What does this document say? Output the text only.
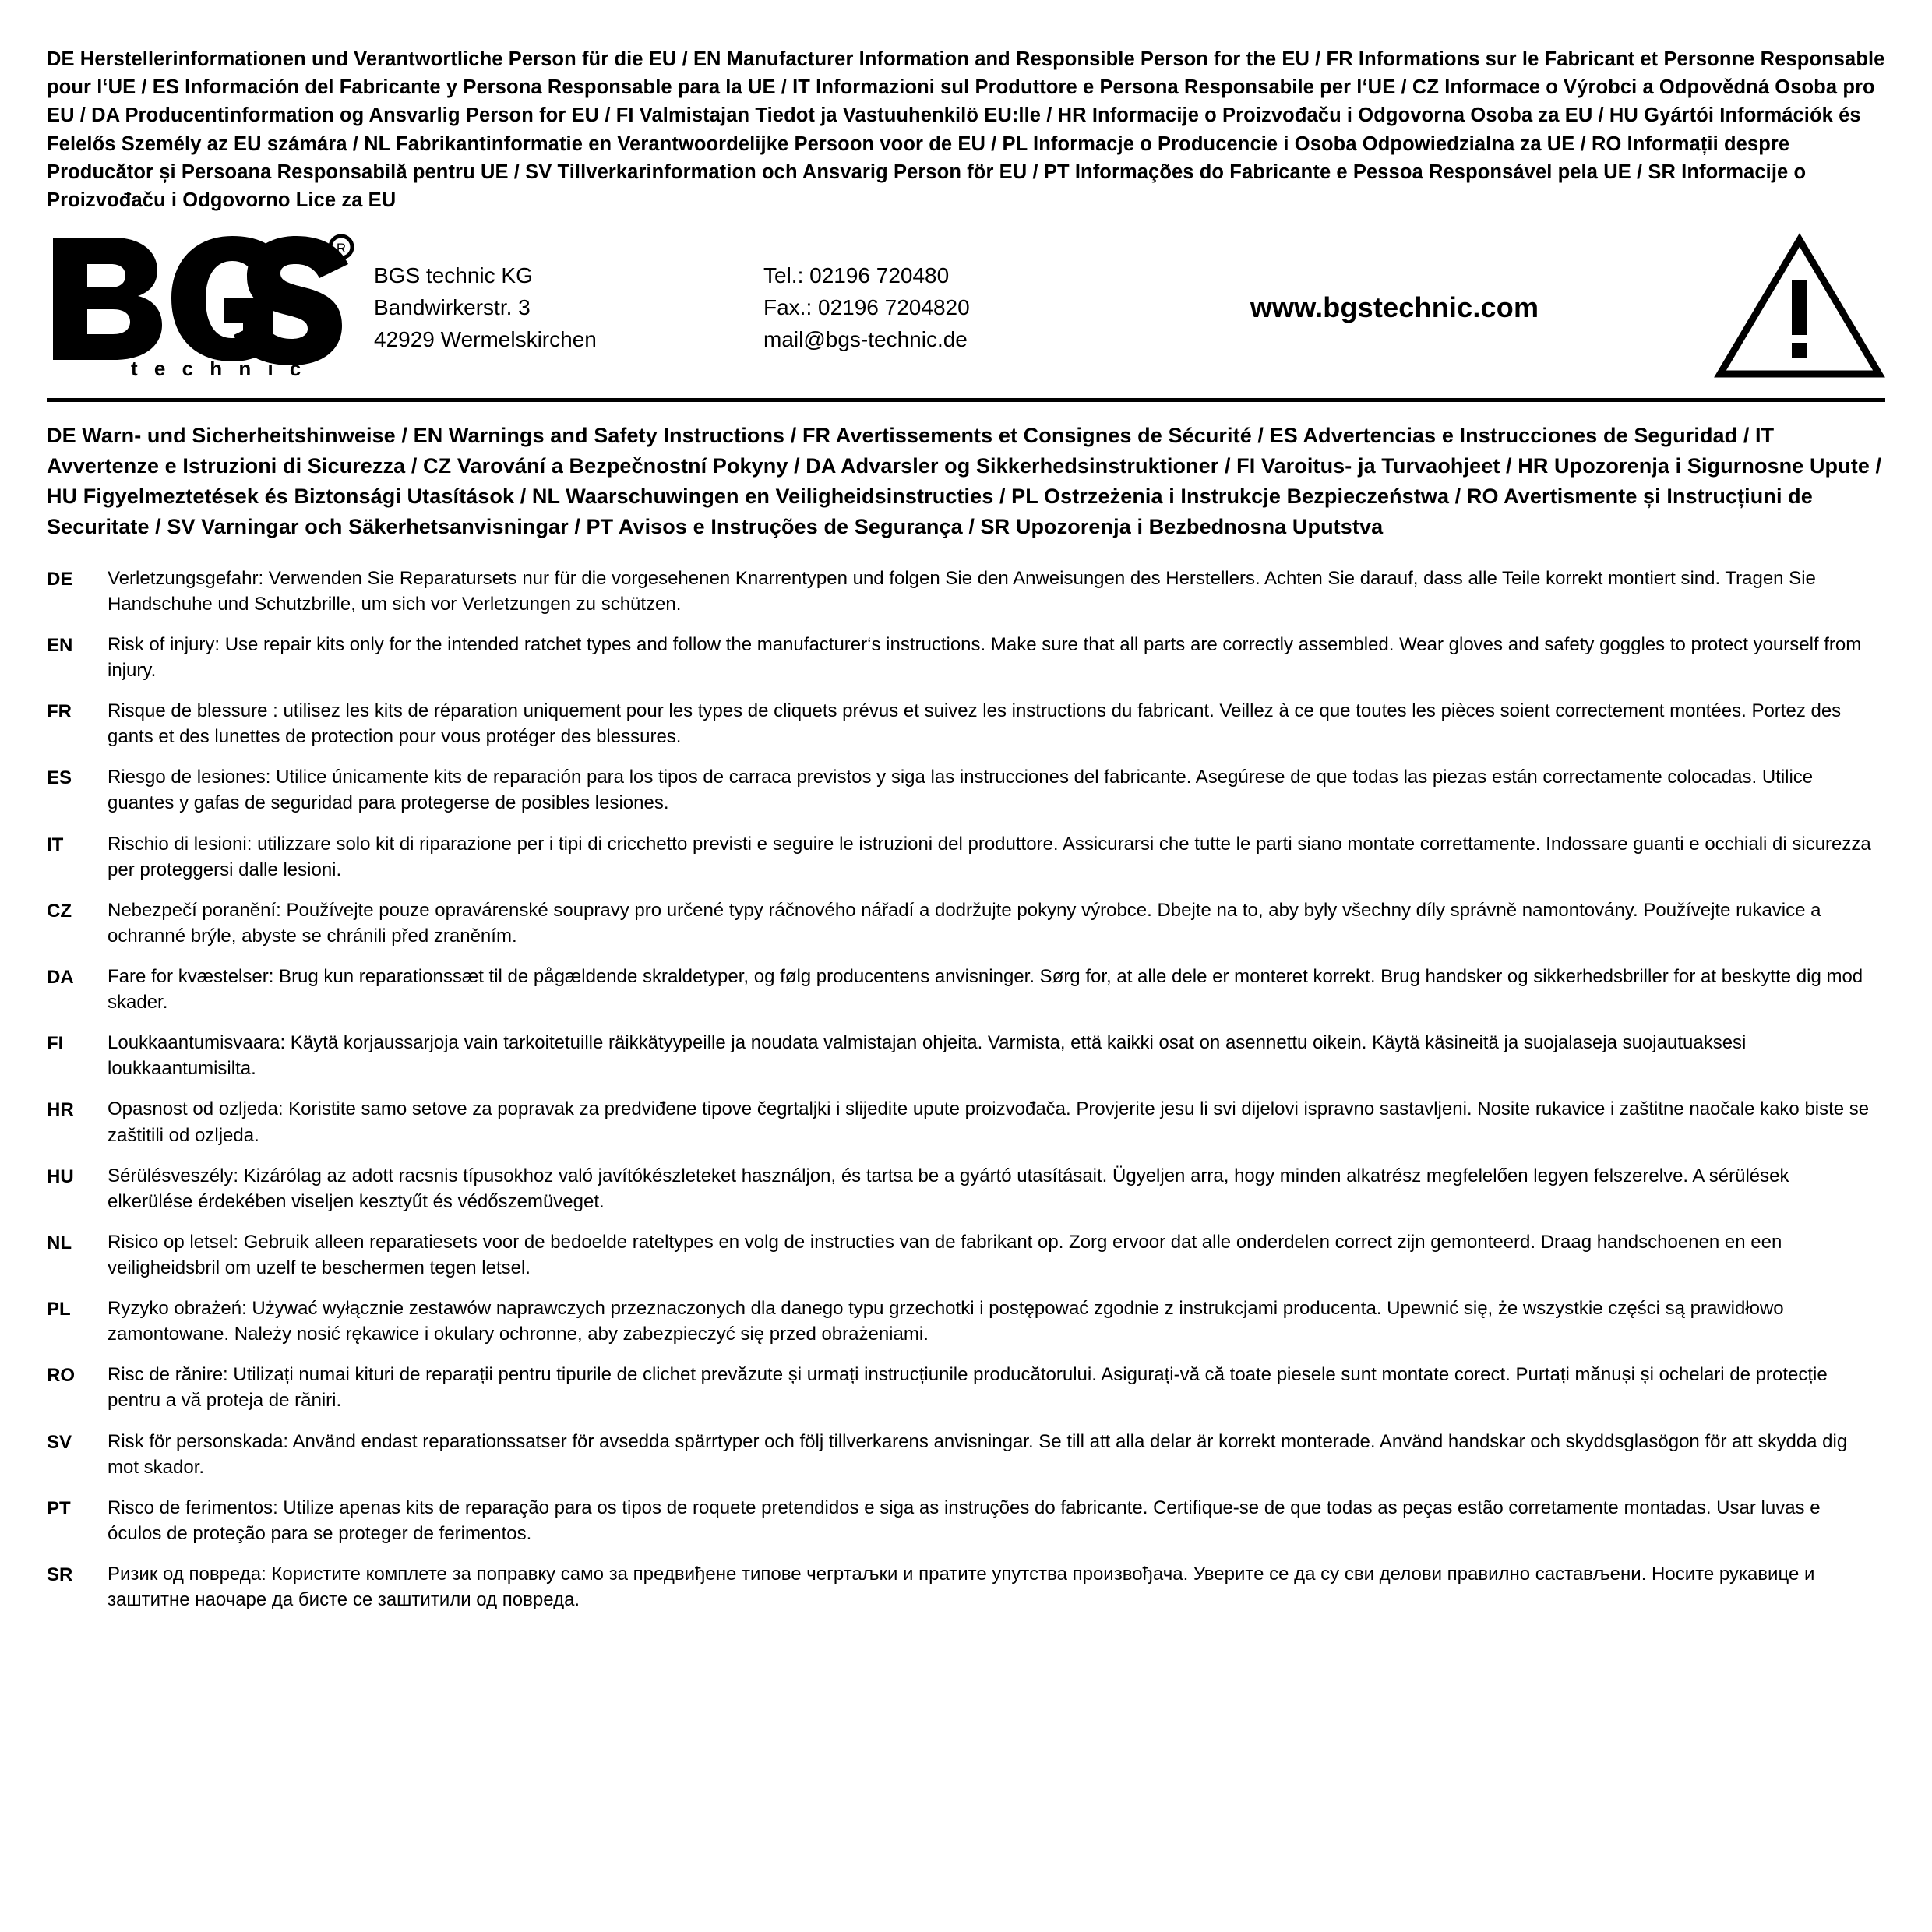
DE Herstellerinformationen und Verantwortliche Person für die EU / EN Manufacturer Information and Responsible Person for the EU / FR Informations sur le Fabricant et Personne Responsable pour l‘UE / ES Información del Fabricante y Persona Responsable para la UE / IT Informazioni sul Produttore e Persona Responsabile per l‘UE / CZ Informace o Výrobci a Odpovědná Osoba pro EU / DA Producentinformation og Ansvarlig Person for EU / FI Valmistajan Tiedot ja Vastuuhenkilö EU:lle / HR Informacije o Proizvođaču i Odgovorna Osoba za EU / HU Gyártói Információk és Felelős Személy az EU számára / NL Fabrikantinformatie en Verantwoordelijke Persoon voor de EU / PL Informacje o Producencie i Osoba Odpowiedzialna za UE / RO Informații despre Producător și Persoana Responsabilă pentru UE / SV Tillverkarinformation och Ansvarig Person för EU / PT Informações do Fabricante e Pessoa Responsável pela UE / SR Informacije o Proizvođaču i Odgovorno Lice za EU
R
t e c h n i c
BGS technic KG
Bandwirkerstr. 3
42929 Wermelskirchen
Tel.: 02196 720480
Fax.: 02196 7204820
mail@bgs-technic.de
www.bgstechnic.com
DE Warn- und Sicherheitshinweise / EN Warnings and Safety Instructions / FR Avertissements et Consignes de Sécurité / ES Advertencias e Instrucciones de Seguridad / IT Avvertenze e Istruzioni di Sicurezza / CZ Varování a Bezpečnostní Pokyny / DA Advarsler og Sikkerhedsinstruktioner / FI Varoitus- ja Turvaohjeet / HR Upozorenja i Sigurnosne Upute / HU Figyelmeztetések és Biztonsági Utasítások / NL Waarschuwingen en Veiligheidsinstructies / PL Ostrzeżenia i Instrukcje Bezpieczeństwa / RO Avertismente și Instrucțiuni de Securitate / SV Varningar och Säkerhetsanvisningar / PT Avisos e Instruções de Segurança / SR Upozorenja i Bezbednosna Uputstva
DE	Verletzungsgefahr: Verwenden Sie Reparatursets nur für die vorgesehenen Knarrentypen und folgen Sie den Anweisungen des Herstellers. Achten Sie darauf, dass alle Teile korrekt montiert sind. Tragen Sie Handschuhe und Schutzbrille, um sich vor Verletzungen zu schützen.
EN	Risk of injury: Use repair kits only for the intended ratchet types and follow the manufacturer‘s instructions. Make sure that all parts are correctly assembled. Wear gloves and safety goggles to protect yourself from injury.
FR	Risque de blessure : utilisez les kits de réparation uniquement pour les types de cliquets prévus et suivez les instructions du fabricant. Veillez à ce que toutes les pièces soient correctement montées. Portez des gants et des lunettes de protection pour vous protéger des blessures.
ES	Riesgo de lesiones: Utilice únicamente kits de reparación para los tipos de carraca previstos y siga las instrucciones del fabricante. Asegúrese de que todas las piezas están correctamente colocadas. Utilice guantes y gafas de seguridad para protegerse de posibles lesiones.
IT	Rischio di lesioni: utilizzare solo kit di riparazione per i tipi di cricchetto previsti e seguire le istruzioni del produttore. Assicurarsi che tutte le parti siano montate correttamente. Indossare guanti e occhiali di sicurezza per proteggersi dalle lesioni.
CZ	Nebezpečí poranění: Používejte pouze opravárenské soupravy pro určené typy ráčnového nářadí a dodržujte pokyny výrobce. Dbejte na to, aby byly všechny díly správně namontovány. Používejte rukavice a ochranné brýle, abyste se chránili před zraněním.
DA	Fare for kvæstelser: Brug kun reparationssæt til de pågældende skraldetyper, og følg producentens anvisninger. Sørg for, at alle dele er monteret korrekt. Brug handsker og sikkerhedsbriller for at beskytte dig mod skader.
FI	Loukkaantumisvaara: Käytä korjaussarjoja vain tarkoitetuille räikkätyypeille ja noudata valmistajan ohjeita. Varmista, että kaikki osat on asennettu oikein. Käytä käsineitä ja suojalaseja suojautuaksesi loukkaantumisilta.
HR	Opasnost od ozljeda: Koristite samo setove za popravak za predviđene tipove čegrtaljki i slijedite upute proizvođača. Provjerite jesu li svi dijelovi ispravno sastavljeni. Nosite rukavice i zaštitne naočale kako biste se zaštitili od ozljeda.
HU	Sérülésveszély: Kizárólag az adott racsnis típusokhoz való javítókészleteket használjon, és tartsa be a gyártó utasításait. Ügyeljen arra, hogy minden alkatrész megfelelően legyen felszerelve. A sérülések elkerülése érdekében viseljen kesztyűt és védőszemüveget.
NL	Risico op letsel: Gebruik alleen reparatiesets voor de bedoelde rateltypes en volg de instructies van de fabrikant op. Zorg ervoor dat alle onderdelen correct zijn gemonteerd. Draag handschoenen en een veiligheidsbril om uzelf te beschermen tegen letsel.
PL	Ryzyko obrażeń: Używać wyłącznie zestawów naprawczych przeznaczonych dla danego typu grzechotki i postępować zgodnie z instrukcjami producenta. Upewnić się, że wszystkie części są prawidłowo zamontowane. Należy nosić rękawice i okulary ochronne, aby zabezpieczyć się przed obrażeniami.
RO	Risc de rănire: Utilizați numai kituri de reparații pentru tipurile de clichet prevăzute și urmați instrucțiunile producătorului. Asigurați-vă că toate piesele sunt montate corect. Purtați mănuși și ochelari de protecție pentru a vă proteja de răniri.
SV	Risk för personskada: Använd endast reparationssatser för avsedda spärrtyper och följ tillverkarens anvisningar. Se till att alla delar är korrekt monterade. Använd handskar och skyddsglasögon för att skydda dig mot skador.
PT	Risco de ferimentos: Utilize apenas kits de reparação para os tipos de roquete pretendidos e siga as instruções do fabricante. Certifique-se de que todas as peças estão corretamente montadas. Usar luvas e óculos de proteção para se proteger de ferimentos.
SR	Ризик од повреда: Користите комплете за поправку само за предвиђене типове чегртаљки и пратите упутства произвођача. Уверите се да су сви делови правилно састављени. Носите рукавице и заштитне наочаре да бисте се заштитили од повреда.
